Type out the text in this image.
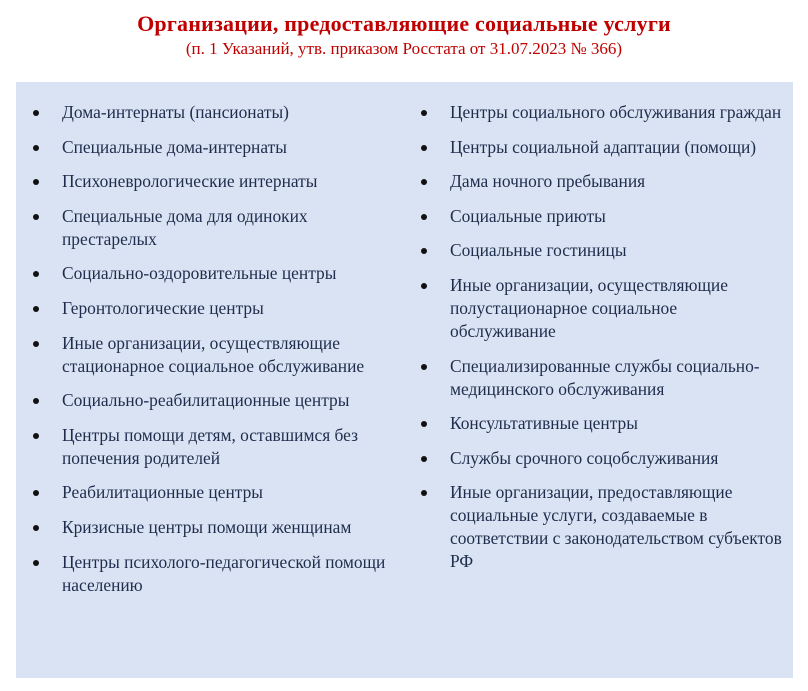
Организации, предоставляющие социальные услуги
(п. 1 Указаний, утв. приказом Росстата от 31.07.2023 № 366)
Дома-интернаты (пансионаты)
Специальные дома-интернаты
Психоневрологические интернаты
Специальные дома для одиноких престарелых
Социально-оздоровительные центры
Геронтологические центры
Иные организации, осуществляющие стационарное социальное обслуживание
Социально-реабилитационные центры
Центры помощи детям, оставшимся без попечения родителей
Реабилитационные центры
Кризисные центры помощи женщинам
Центры психолого-педагогической помощи населению
Центры социального обслуживания граждан
Центры социальной адаптации (помощи)
Дама ночного пребывания
Социальные приюты
Социальные гостиницы
Иные организации, осуществляющие полустационарное социальное обслуживание
Специализированные службы социально-медицинского обслуживания
Консультативные центры
Службы срочного соцобслуживания
Иные организации, предоставляющие социальные услуги, создаваемые в соответствии с законодательством субъектов РФ
